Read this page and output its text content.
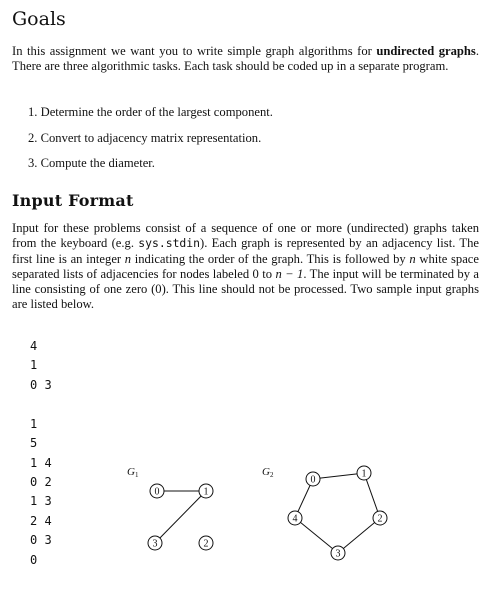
Goals

In this assignment we want you to write simple graph algorithms for undirected graphs. There are three algorithmic tasks. Each task should be coded up in a separate program.

1. Determine the order of the largest component.
2. Convert to adjacency matrix representation.
3. Compute the diameter.
Input Format

Input for these problems consist of a sequence of one or more (undirected) graphs taken from the keyboard (e.g. sys.stdin). Each graph is represented by an adjacency list. The first line is an integer n indicating the order of the graph. This is followed by n white space separated lists of adjacencies for nodes labeled 0 to n − 1. The input will be terminated by a line consisting of one zero (0). This line should not be processed. Two sample input graphs are listed below.

4
1
0 3
1
5
1 4
0 2
1 3
2 4
0 3
0
G1
0	1
3	2
G2	0
1
4	2
3
